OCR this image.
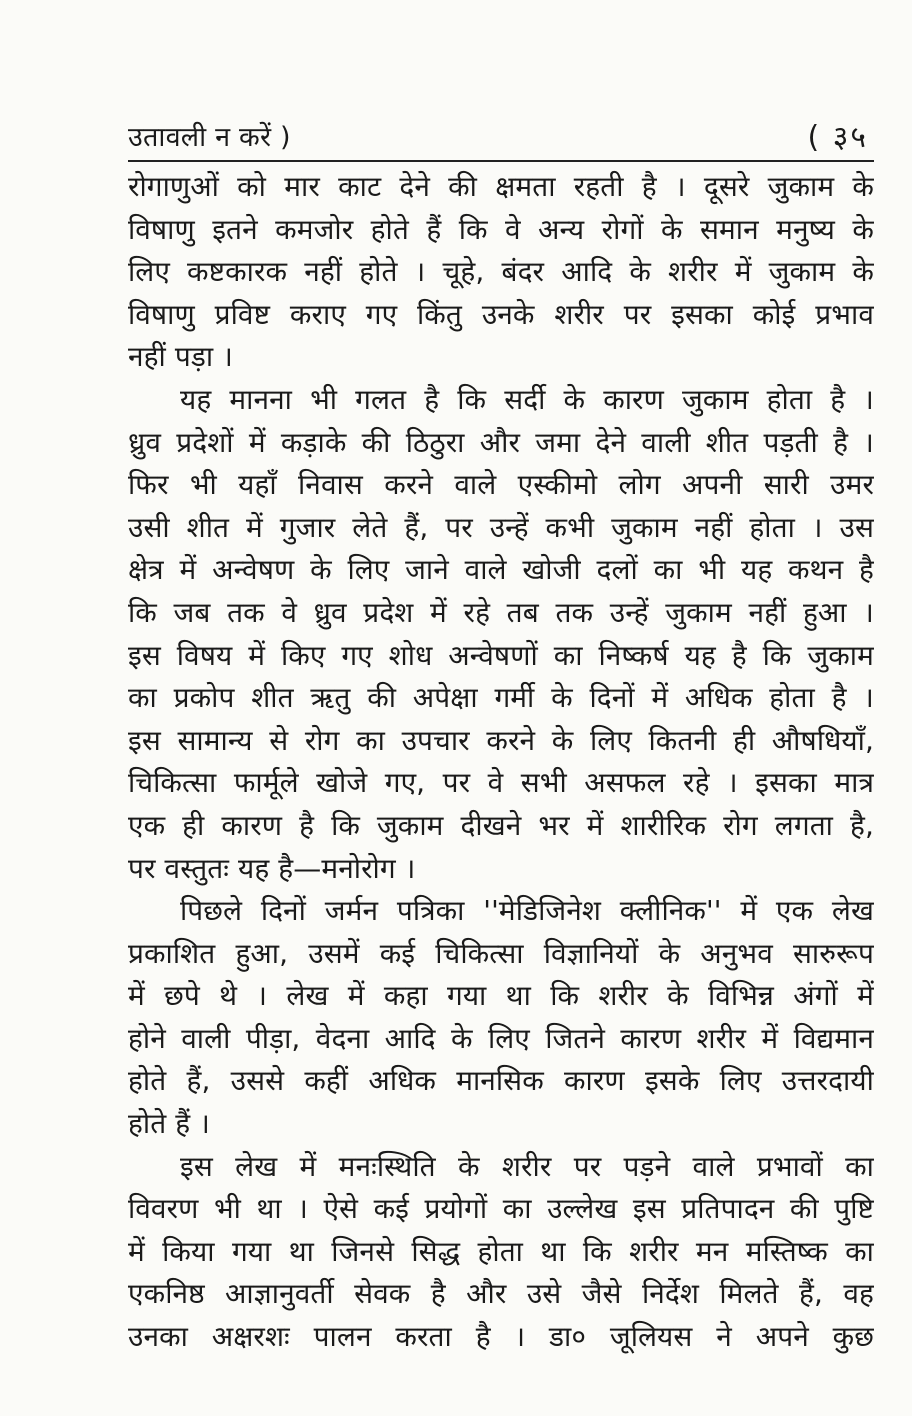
उतावली न करें )	( ३५
रोगाणुओं को मार काट देने की क्षमता रहती है । दूसरे जुकाम के
विषाणु इतने कमजोर होते हैं कि वे अन्य रोगों के समान मनुष्य के
लिए कष्टकारक नहीं होते । चूहे, बंदर आदि के शरीर में जुकाम के
विषाणु प्रविष्ट कराए गए किंतु उनके शरीर पर इसका कोई प्रभाव
नहीं पड़ा ।
यह मानना भी गलत है कि सर्दी के कारण जुकाम होता है ।
ध्रुव प्रदेशों में कड़ाके की ठिठुरा और जमा देने वाली शीत पड़ती है ।
फिर भी यहाँ निवास करने वाले एस्कीमो लोग अपनी सारी उमर
उसी शीत में गुजार लेते हैं, पर उन्हें कभी जुकाम नहीं होता । उस
क्षेत्र में अन्वेषण के लिए जाने वाले खोजी दलों का भी यह कथन है
कि जब तक वे ध्रुव प्रदेश में रहे तब तक उन्हें जुकाम नहीं हुआ ।
इस विषय में किए गए शोध अन्वेषणों का निष्कर्ष यह है कि जुकाम
का प्रकोप शीत ऋतु की अपेक्षा गर्मी के दिनों में अधिक होता है ।
इस सामान्य से रोग का उपचार करने के लिए कितनी ही औषधियाँ,
चिकित्सा फार्मूले खोजे गए, पर वे सभी असफल रहे । इसका मात्र
एक ही कारण है कि जुकाम दीखने भर में शारीरिक रोग लगता है,
पर वस्तुतः यह है—मनोरोग ।
पिछले दिनों जर्मन पत्रिका ''मेडिजिनेश क्लीनिक'' में एक लेख
प्रकाशित हुआ, उसमें कई चिकित्सा विज्ञानियों के अनुभव सारुरूप
में छपे थे । लेख में कहा गया था कि शरीर के विभिन्न अंगों में
होने वाली पीड़ा, वेदना आदि के लिए जितने कारण शरीर में विद्यमान
होते हैं, उससे कहीं अधिक मानसिक कारण इसके लिए उत्तरदायी
होते हैं ।
इस लेख में मनःस्थिति के शरीर पर पड़ने वाले प्रभावों का
विवरण भी था । ऐसे कई प्रयोगों का उल्लेख इस प्रतिपादन की पुष्टि
में किया गया था जिनसे सिद्ध होता था कि शरीर मन मस्तिष्क का
एकनिष्ठ आज्ञानुवर्ती सेवक है और उसे जैसे निर्देश मिलते हैं, वह
उनका अक्षरशः पालन करता है । डा० जूलियस ने अपने कुछ
